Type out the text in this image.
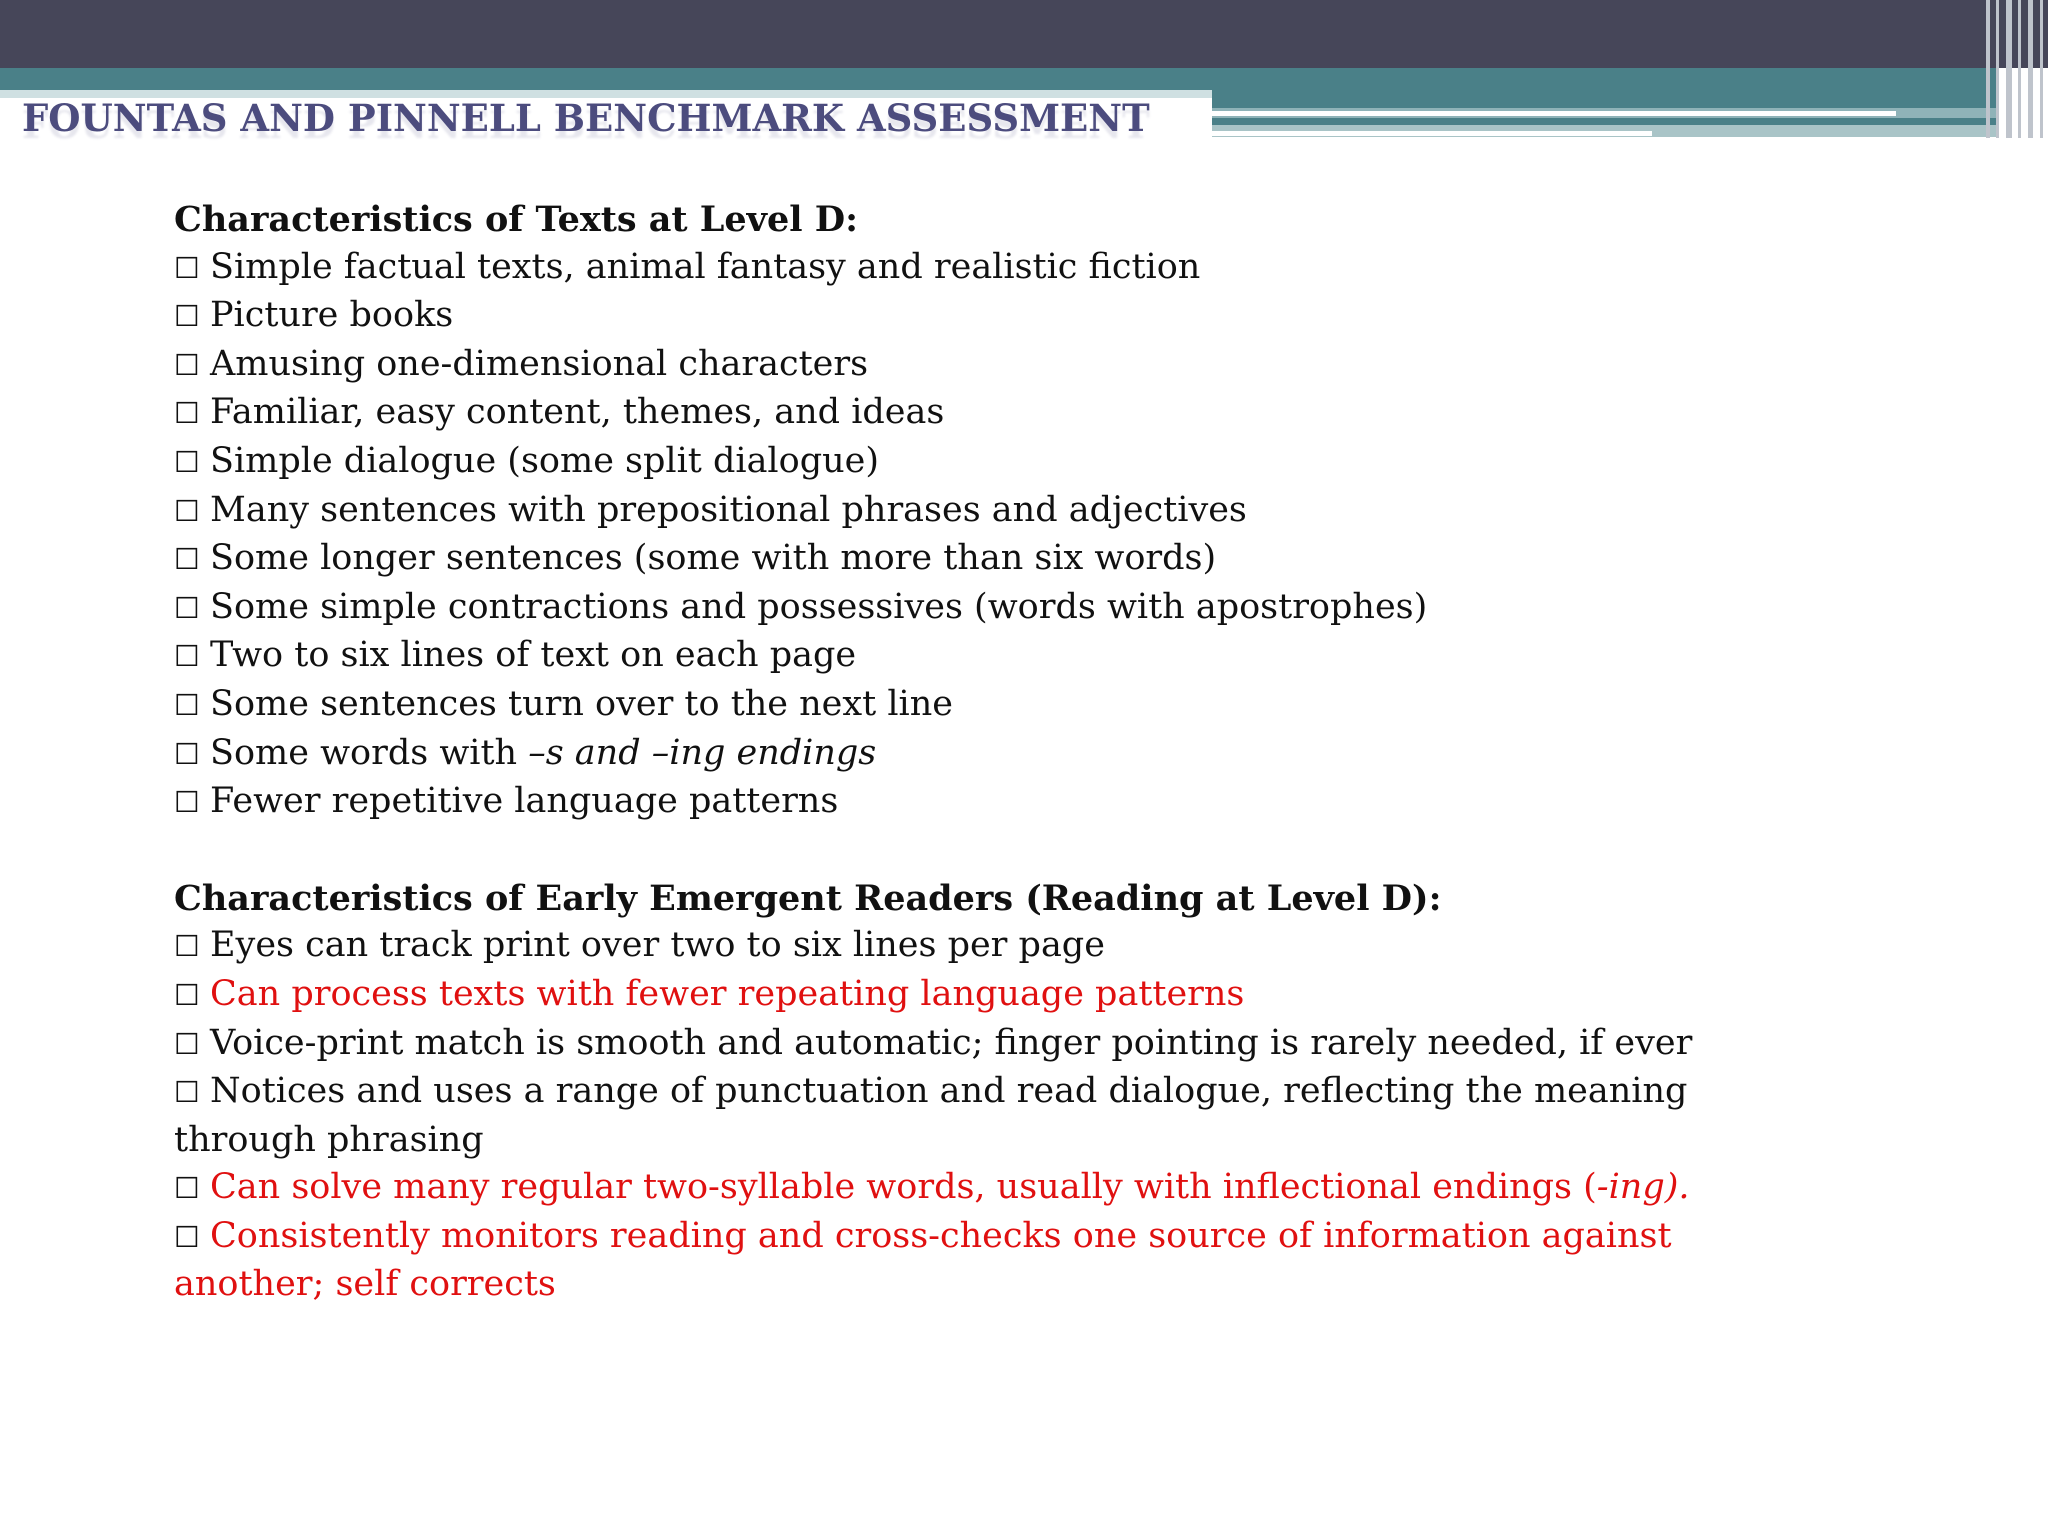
FOUNTAS AND PINNELL BENCHMARK ASSESSMENT

Characteristics of Texts at Level D:

☐ Simple factual texts, animal fantasy and realistic fiction

☐ Picture books

☐ Amusing one-dimensional characters

☐ Familiar, easy content, themes, and ideas

☐ Simple dialogue (some split dialogue)

☐ Many sentences with prepositional phrases and adjectives

☐ Some longer sentences (some with more than six words)

☐ Some simple contractions and possessives (words with apostrophes)

☐ Two to six lines of text on each page

☐ Some sentences turn over to the next line

☐ Some words with –s and –ing endings

☐ Fewer repetitive language patterns

Characteristics of Early Emergent Readers (Reading at Level D):

☐ Eyes can track print over two to six lines per page

☐ Can process texts with fewer repeating language patterns

☐ Voice-print match is smooth and automatic; finger pointing is rarely needed, if ever

☐ Notices and uses a range of punctuation and read dialogue, reflecting the meaning through phrasing

☐ Can solve many regular two-syllable words, usually with inflectional endings (-ing).

☐ Consistently monitors reading and cross-checks one source of information against another; self corrects
